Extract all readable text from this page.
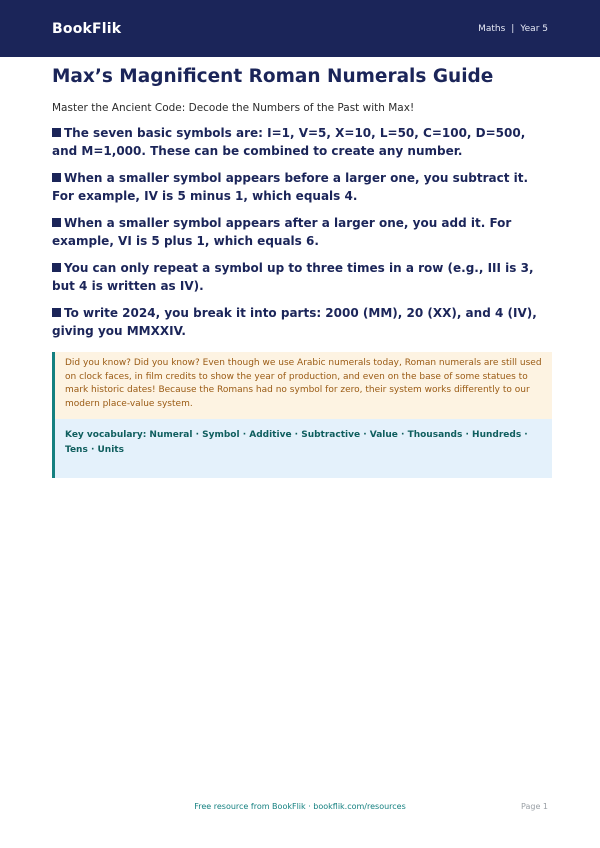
BookFlik	Maths | Year 5
Max’s Magnificent Roman Numerals Guide

Master the Ancient Code: Decode the Numbers of the Past with Max!

The seven basic symbols are: I=1, V=5, X=10, L=50, C=100, D=500, and M=1,000. These can be combined to create any number.
When a smaller symbol appears before a larger one, you subtract it. For example, IV is 5 minus 1, which equals 4.
When a smaller symbol appears after a larger one, you add it. For example, VI is 5 plus 1, which equals 6.
You can only repeat a symbol up to three times in a row (e.g., III is 3, but 4 is written as IV).
To write 2024, you break it into parts: 2000 (MM), 20 (XX), and 4 (IV), giving you MMXXIV.
Did you know? Did you know? Even though we use Arabic numerals today, Roman numerals are still used on clock faces, in film credits to show the year of production, and even on the base of some statues to mark historic dates! Because the Romans had no symbol for zero, their system works differently to our modern place-value system.
Key vocabulary: Numeral · Symbol · Additive · Subtractive · Value · Thousands · Hundreds · Tens · Units
Free resource from BookFlik · bookflik.com/resources	Page 1
